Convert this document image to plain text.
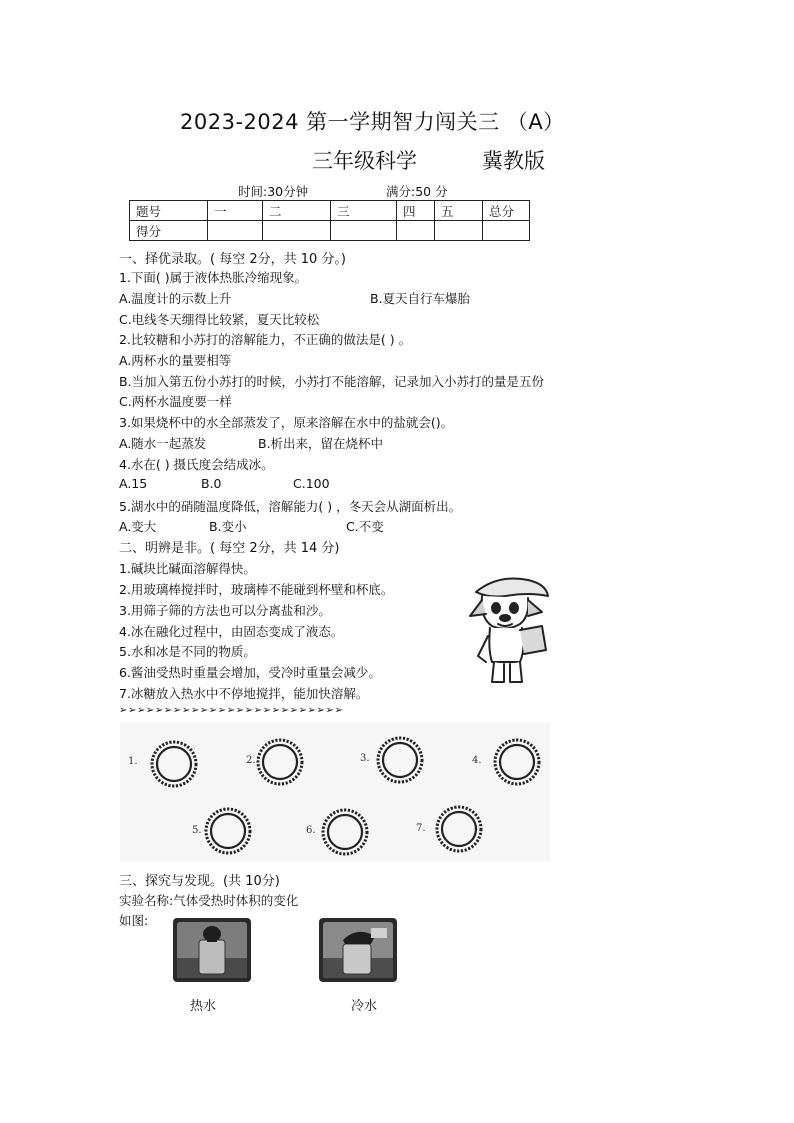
2023-2024 第一学期智力闯关三 （A）
三年级科学	冀教版
时间:30分钟	满分:50 分
题号	一	二	三	四	五	总分
得分						
一、择优录取。( 每空 2分，共 10 分。)
1.下面( )属于液体热胀冷缩现象。
A.温度计的示数上升	B.夏天自行车爆胎
C.电线冬天绷得比较紧，夏天比较松
2.比较糖和小苏打的溶解能力，不正确的做法是( ) 。
A.两杯水的量要相等
B.当加入第五份小苏打的时候，小苏打不能溶解，记录加入小苏打的量是五份
C.两杯水温度要一样
3.如果烧杯中的水全部蒸发了，原来溶解在水中的盐就会()。
A.随水一起蒸发	B.析出来，留在烧杯中
4.水在( ) 摄氏度会结成冰。
A.15	B.0	C.100
5.湖水中的硝随温度降低，溶解能力( ) ，冬天会从湖面析出。
A.变大	B.变小	C.不变
二、明辨是非。( 每空 2分，共 14 分)
1.碱块比碱面溶解得快。
2.用玻璃棒搅拌时，玻璃棒不能碰到杯壁和杯底。
3.用筛子筛的方法也可以分离盐和沙。
4.冰在融化过程中，由固态变成了液态。
5.水和冰是不同的物质。
6.酱油受热时重量会增加，受冷时重量会减少。
7.冰糖放入热水中不停地搅拌，能加快溶解。
➢➢➢➢➢➢➢➢➢➢➢➢➢➢➢➢➢➢➢➢➢➢➢➢➢
1.	2.	3.	4.
5.	6.	7.
三、探究与发现。(共 10分)
实验名称:气体受热时体积的变化
如图:
热水	冷水
